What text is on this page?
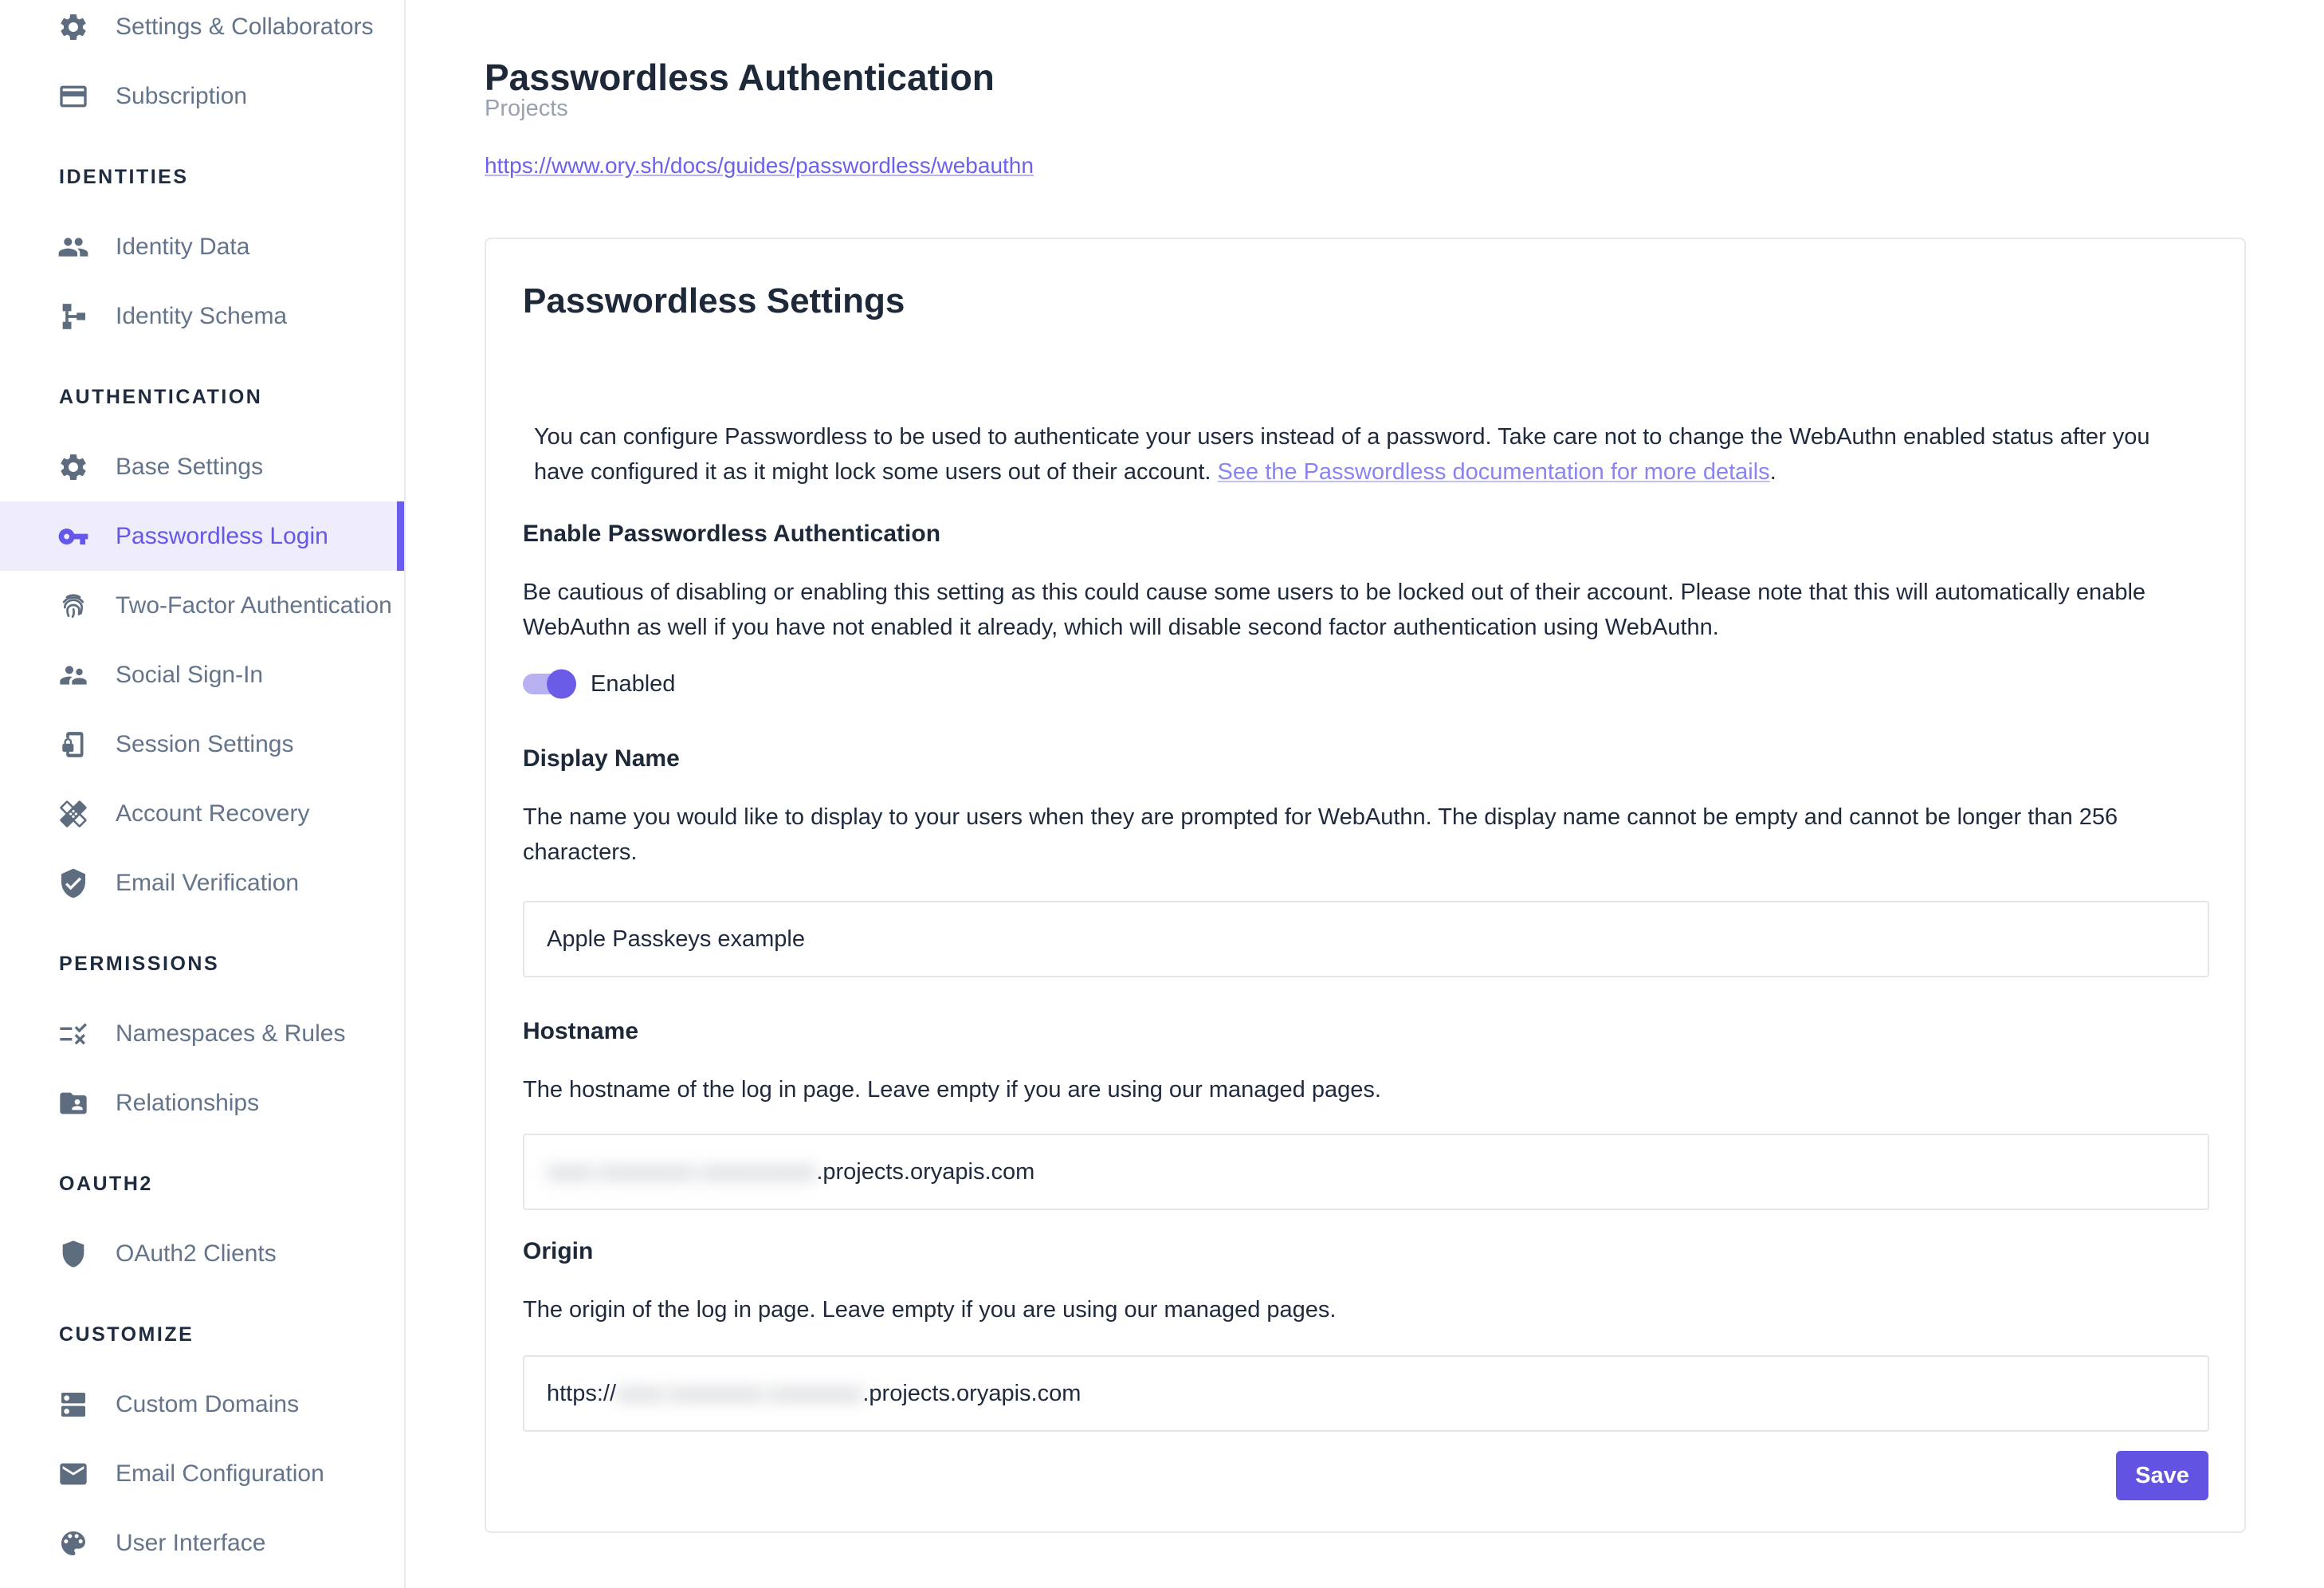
Settings & Collaborators
Subscription
IDENTITIES
Identity Data
Identity Schema
AUTHENTICATION
Base Settings
Passwordless Login
Two-Factor Authentication
Social Sign-In
Session Settings
Account Recovery
Email Verification
PERMISSIONS
Namespaces & Rules
Relationships
OAUTH2
OAuth2 Clients
CUSTOMIZE
Custom Domains
Email Configuration
User Interface
Passwordless Authentication
Projects
https://www.ory.sh/docs/guides/passwordless/webauthn
Passwordless Settings

You can configure Passwordless to be used to authenticate your users instead of a password. Take care not to change the WebAuthn enabled status after you have configured it as it might lock some users out of their account. See the Passwordless documentation for more details.

Enable Passwordless Authentication

Be cautious of disabling or enabling this setting as this could cause some users to be locked out of their account. Please note that this will automatically enable WebAuthn as well if you have not enabled it already, which will disable second factor authentication using WebAuthn.

Enabled
Display Name

The name you would like to display to your users when they are prompted for WebAuthn. The display name cannot be empty and cannot be longer than 256 characters.

Apple Passkeys example
Hostname

The hostname of the log in page. Leave empty if you are using our managed pages.

xxxx-xxxxxxxx-xxxxxxxxxx .projects.oryapis.com
Origin

The origin of the log in page. Leave empty if you are using our managed pages.

https:// xxxx-xxxxxxxx-xxxxxxxx .projects.oryapis.com
Save
